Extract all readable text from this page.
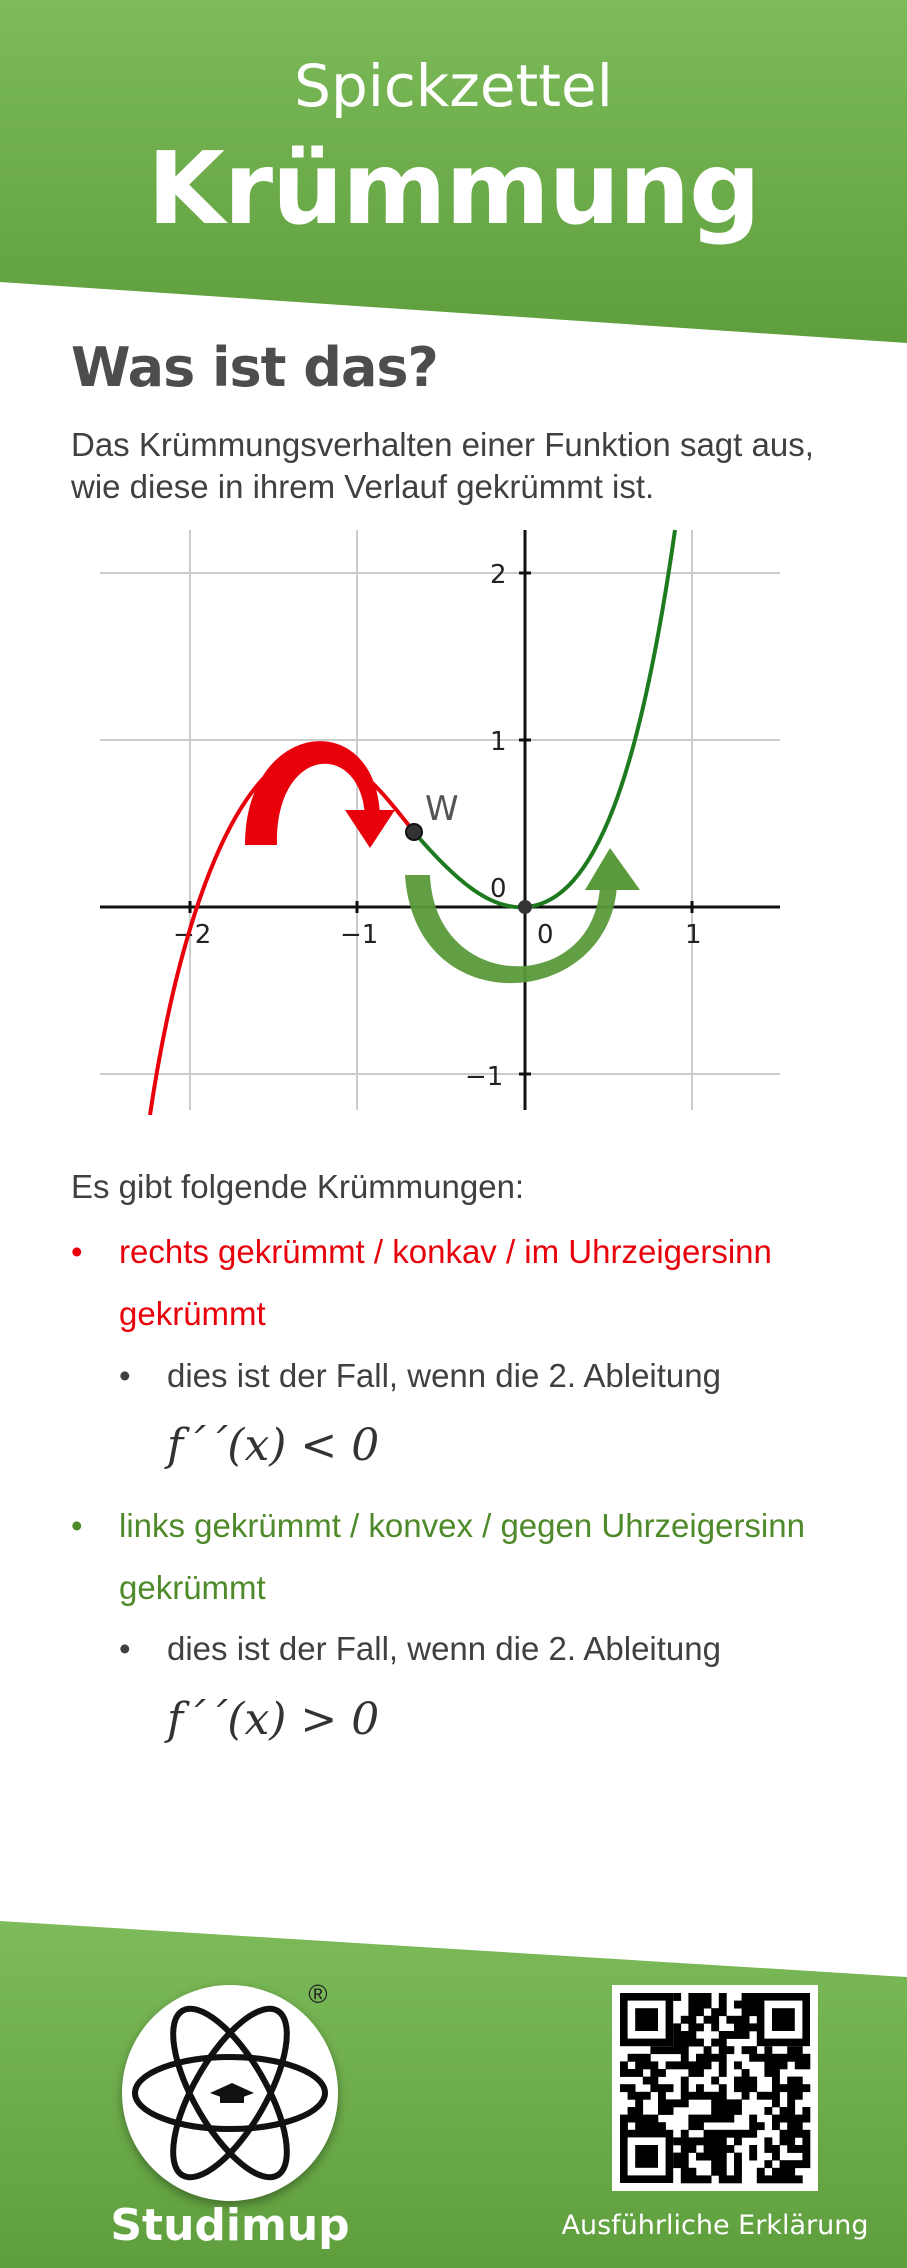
Spickzettel
Krümmung
Was ist das?
Das Krümmungsverhalten einer Funktion sagt aus, wie diese in ihrem Verlauf gekrümmt ist.
−2	−1	0	1
2
1
0
−1
W
Es gibt folgende Krümmungen:
• rechts gekrümmt / konkav / im Uhrzeigersinn gekrümmt
• dies ist der Fall, wenn die 2. Ableitung
f´´(x) < 0
• links gekrümmt / konvex / gegen Uhrzeigersinn gekrümmt
• dies ist der Fall, wenn die 2. Ableitung
f´´(x) > 0
®
Studimup	Ausführliche Erklärung
